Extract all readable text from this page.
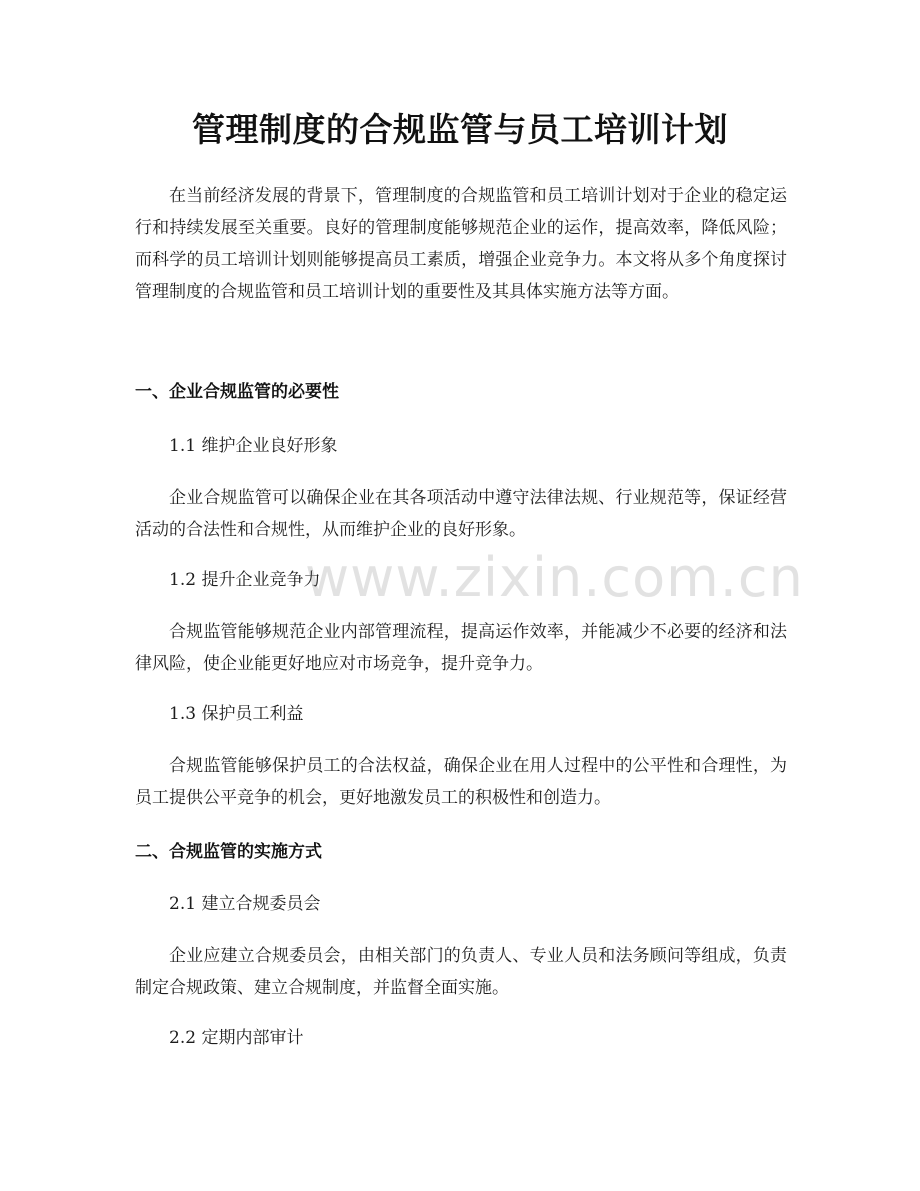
管理制度的合规监管与员工培训计划

在当前经济发展的背景下，管理制度的合规监管和员工培训计划对于企业的稳定运行和持续发展至关重要。良好的管理制度能够规范企业的运作，提高效率，降低风险；而科学的员工培训计划则能够提高员工素质，增强企业竞争力。本文将从多个角度探讨管理制度的合规监管和员工培训计划的重要性及其具体实施方法等方面。

一、企业合规监管的必要性
1.1 维护企业良好形象

企业合规监管可以确保企业在其各项活动中遵守法律法规、行业规范等，保证经营活动的合法性和合规性，从而维护企业的良好形象。

1.2 提升企业竞争力

合规监管能够规范企业内部管理流程，提高运作效率，并能减少不必要的经济和法律风险，使企业能更好地应对市场竞争，提升竞争力。

1.3 保护员工利益

合规监管能够保护员工的合法权益，确保企业在用人过程中的公平性和合理性，为员工提供公平竞争的机会，更好地激发员工的积极性和创造力。

二、合规监管的实施方式
2.1 建立合规委员会

企业应建立合规委员会，由相关部门的负责人、专业人员和法务顾问等组成，负责制定合规政策、建立合规制度，并监督全面实施。

2.2 定期内部审计
www.zixin.com.cn
